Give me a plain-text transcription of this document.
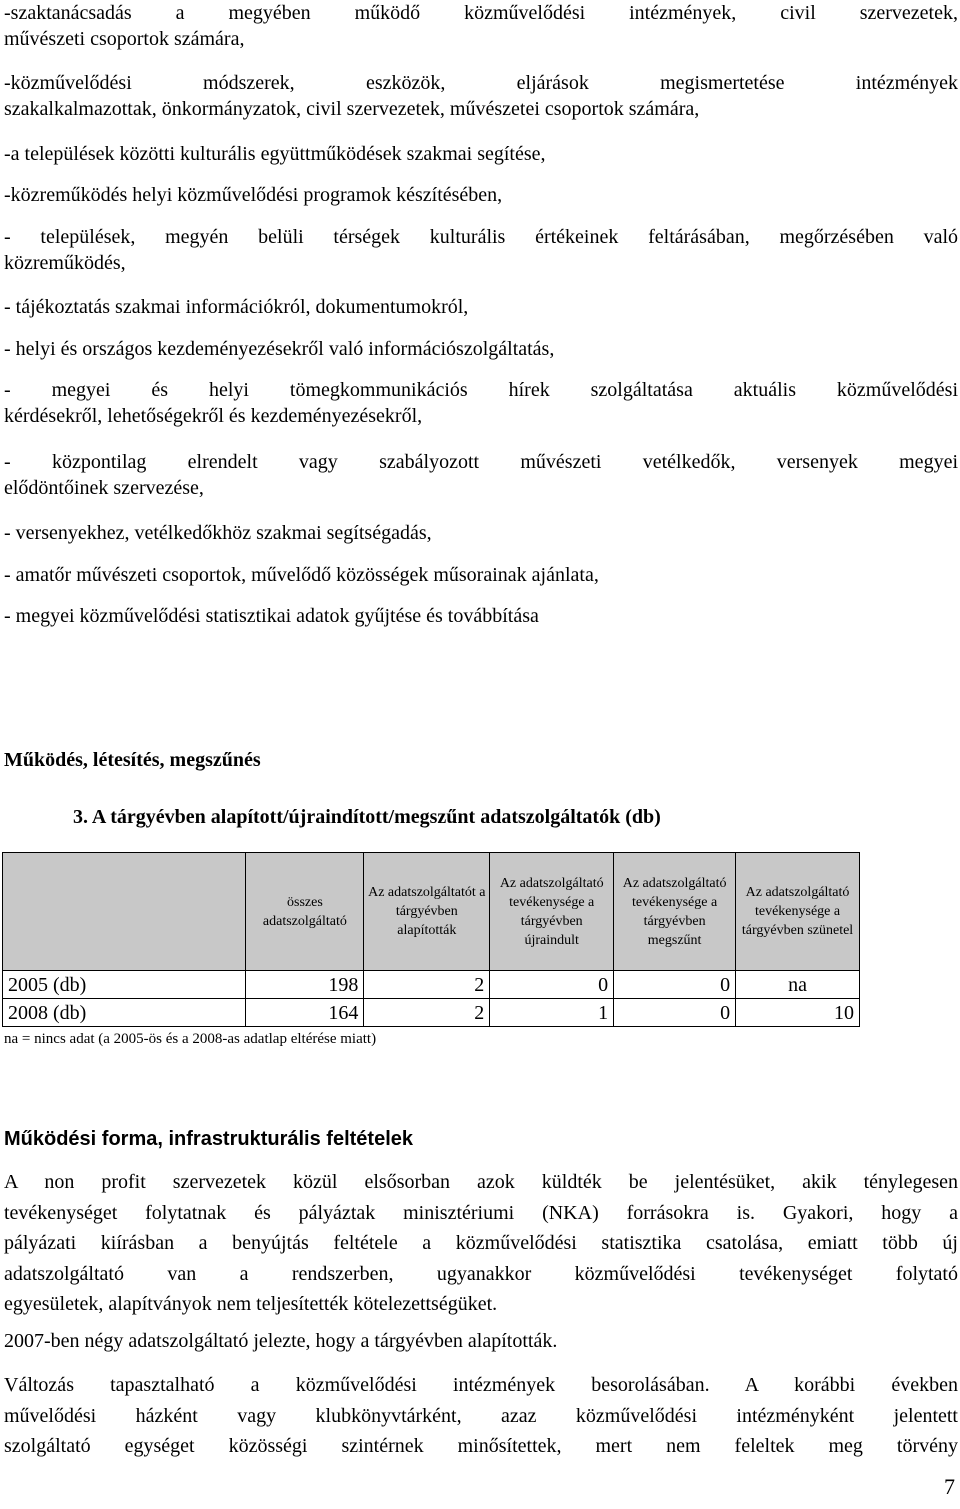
-szaktanácsadás a megyében működő közművelődési intézmények, civil szervezetek,
művészeti csoportok számára,

-közművelődési módszerek, eszközök, eljárások megismertetése intézmények
szakalkalmazottak, önkormányzatok, civil szervezetek, művészetei csoportok számára,

-a települések közötti kulturális együttműködések szakmai segítése,

-közreműködés helyi közművelődési programok készítésében,

- települések, megyén belüli térségek kulturális értékeinek feltárásában, megőrzésében való
közreműködés,

- tájékoztatás szakmai információkról, dokumentumokról,

- helyi és országos kezdeményezésekről való információszolgáltatás,

- megyei és helyi tömegkommunikációs hírek szolgáltatása aktuális közművelődési
kérdésekről, lehetőségekről és kezdeményezésekről,

- központilag elrendelt vagy szabályozott művészeti vetélkedők, versenyek megyei
elődöntőinek szervezése,

- versenyekhez, vetélkedőkhöz szakmai segítségadás,

- amatőr művészeti csoportok, művelődő közösségek műsorainak ajánlata,

- megyei közművelődési statisztikai adatok gyűjtése és továbbítása

Működés, létesítés, megszűnés
3. A tárgyévben alapított/újraindított/megszűnt adatszolgáltatók (db)
	összes adatszolgáltató	Az adatszolgáltatót a tárgyévben alapították	Az adatszolgáltató tevékenysége a tárgyévben újraindult	Az adatszolgáltató tevékenysége a tárgyévben megszűnt	Az adatszolgáltató tevékenysége a tárgyévben szünetel
2005 (db)	198	2	0	0	na
2008 (db)	164	2	1	0	10
na = nincs adat (a 2005-ös és a 2008-as adatlap eltérése miatt)
Működési forma, infrastrukturális feltételek

A non profit szervezetek közül elsősorban azok küldték be jelentésüket, akik ténylegesen
tevékenységet folytatnak és pályáztak minisztériumi (NKA) forrásokra is. Gyakori, hogy a
pályázati kiírásban a benyújtás feltétele a közművelődési statisztika csatolása, emiatt több új
adatszolgáltató van a rendszerben, ugyanakkor közművelődési tevékenységet folytató
egyesületek, alapítványok nem teljesítették kötelezettségüket.

2007-ben négy adatszolgáltató jelezte, hogy a tárgyévben alapították.

Változás tapasztalható a közművelődési intézmények besorolásában. A korábbi években
művelődési házként vagy klubkönyvtárként, azaz közművelődési intézményként jelentett
szolgáltató egységet közösségi szintérnek minősítettek, mert nem feleltek meg törvény

7
